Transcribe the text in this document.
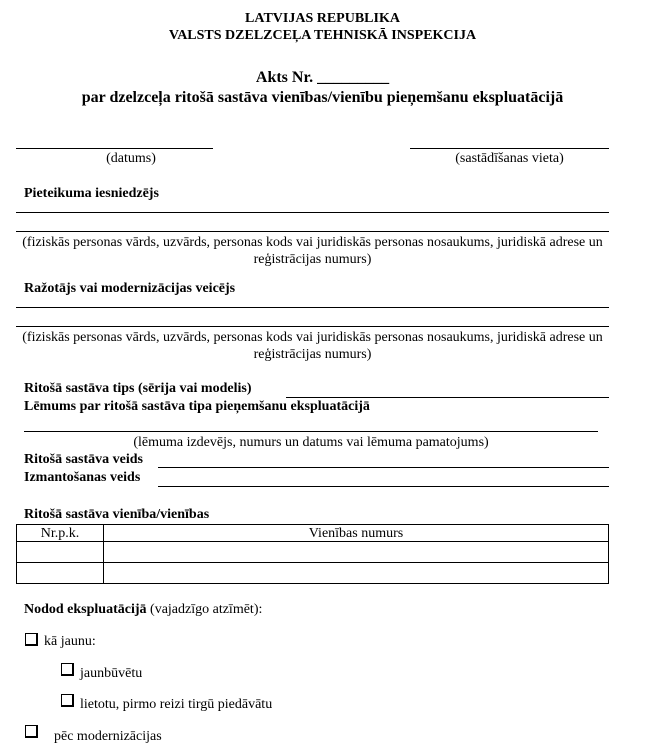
LATVIJAS REPUBLIKA
VALSTS DZELZCEĻA TEHNISKĀ INSPEKCIJA
Akts Nr. _________
par dzelzceļa ritošā sastāva vienības/vienību pieņemšanu ekspluatācijā
(datums)	(sastādīšanas vieta)
Pieteikuma iesniedzējs
(fiziskās personas vārds, uzvārds, personas kods vai juridiskās personas nosaukums, juridiskā adrese un reģistrācijas numurs)
Ražotājs vai modernizācijas veicējs
(fiziskās personas vārds, uzvārds, personas kods vai juridiskās personas nosaukums, juridiskā adrese un reģistrācijas numurs)
Ritošā sastāva tips (sērija vai modelis)
Lēmums par ritošā sastāva tipa pieņemšanu ekspluatācijā
(lēmuma izdevējs, numurs un datums vai lēmuma pamatojums)
Ritošā sastāva veids
Izmantošanas veids
Ritošā sastāva vienība/vienības
Nr.p.k.	Vienības numurs

Nodod ekspluatācijā (vajadzīgo atzīmēt):
kā jaunu:
jaunbūvētu
lietotu, pirmo reizi tirgū piedāvātu
pēc modernizācijas
